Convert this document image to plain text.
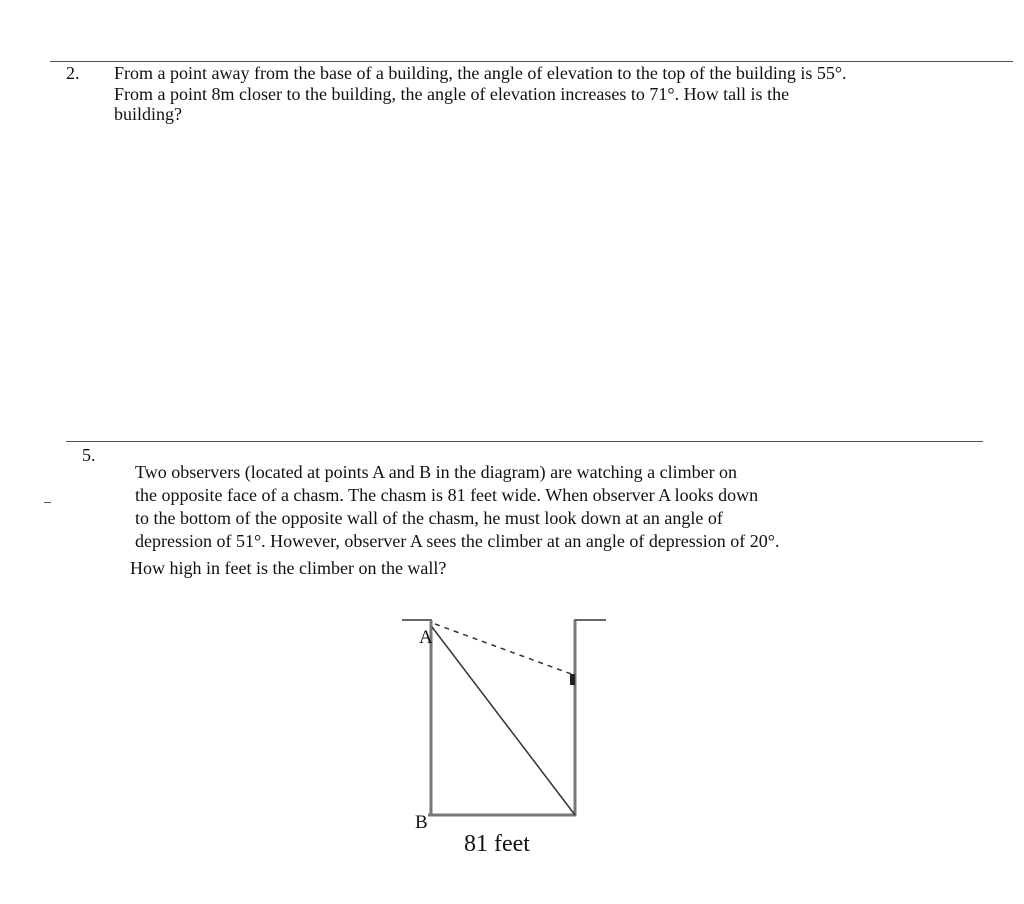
2. From a point away from the base of a building, the angle of elevation to the top of the building is 55°.
From a point 8m closer to the building, the angle of elevation increases to 71°. How tall is the
building?
5.
Two observers (located at points A and B in the diagram) are watching a climber on
the opposite face of a chasm. The chasm is 81 feet wide. When observer A looks down
to the bottom of the opposite wall of the chasm, he must look down at an angle of
depression of 51°. However, observer A sees the climber at an angle of depression of 20°.
How high in feet is the climber on the wall?
A
B
81 feet
